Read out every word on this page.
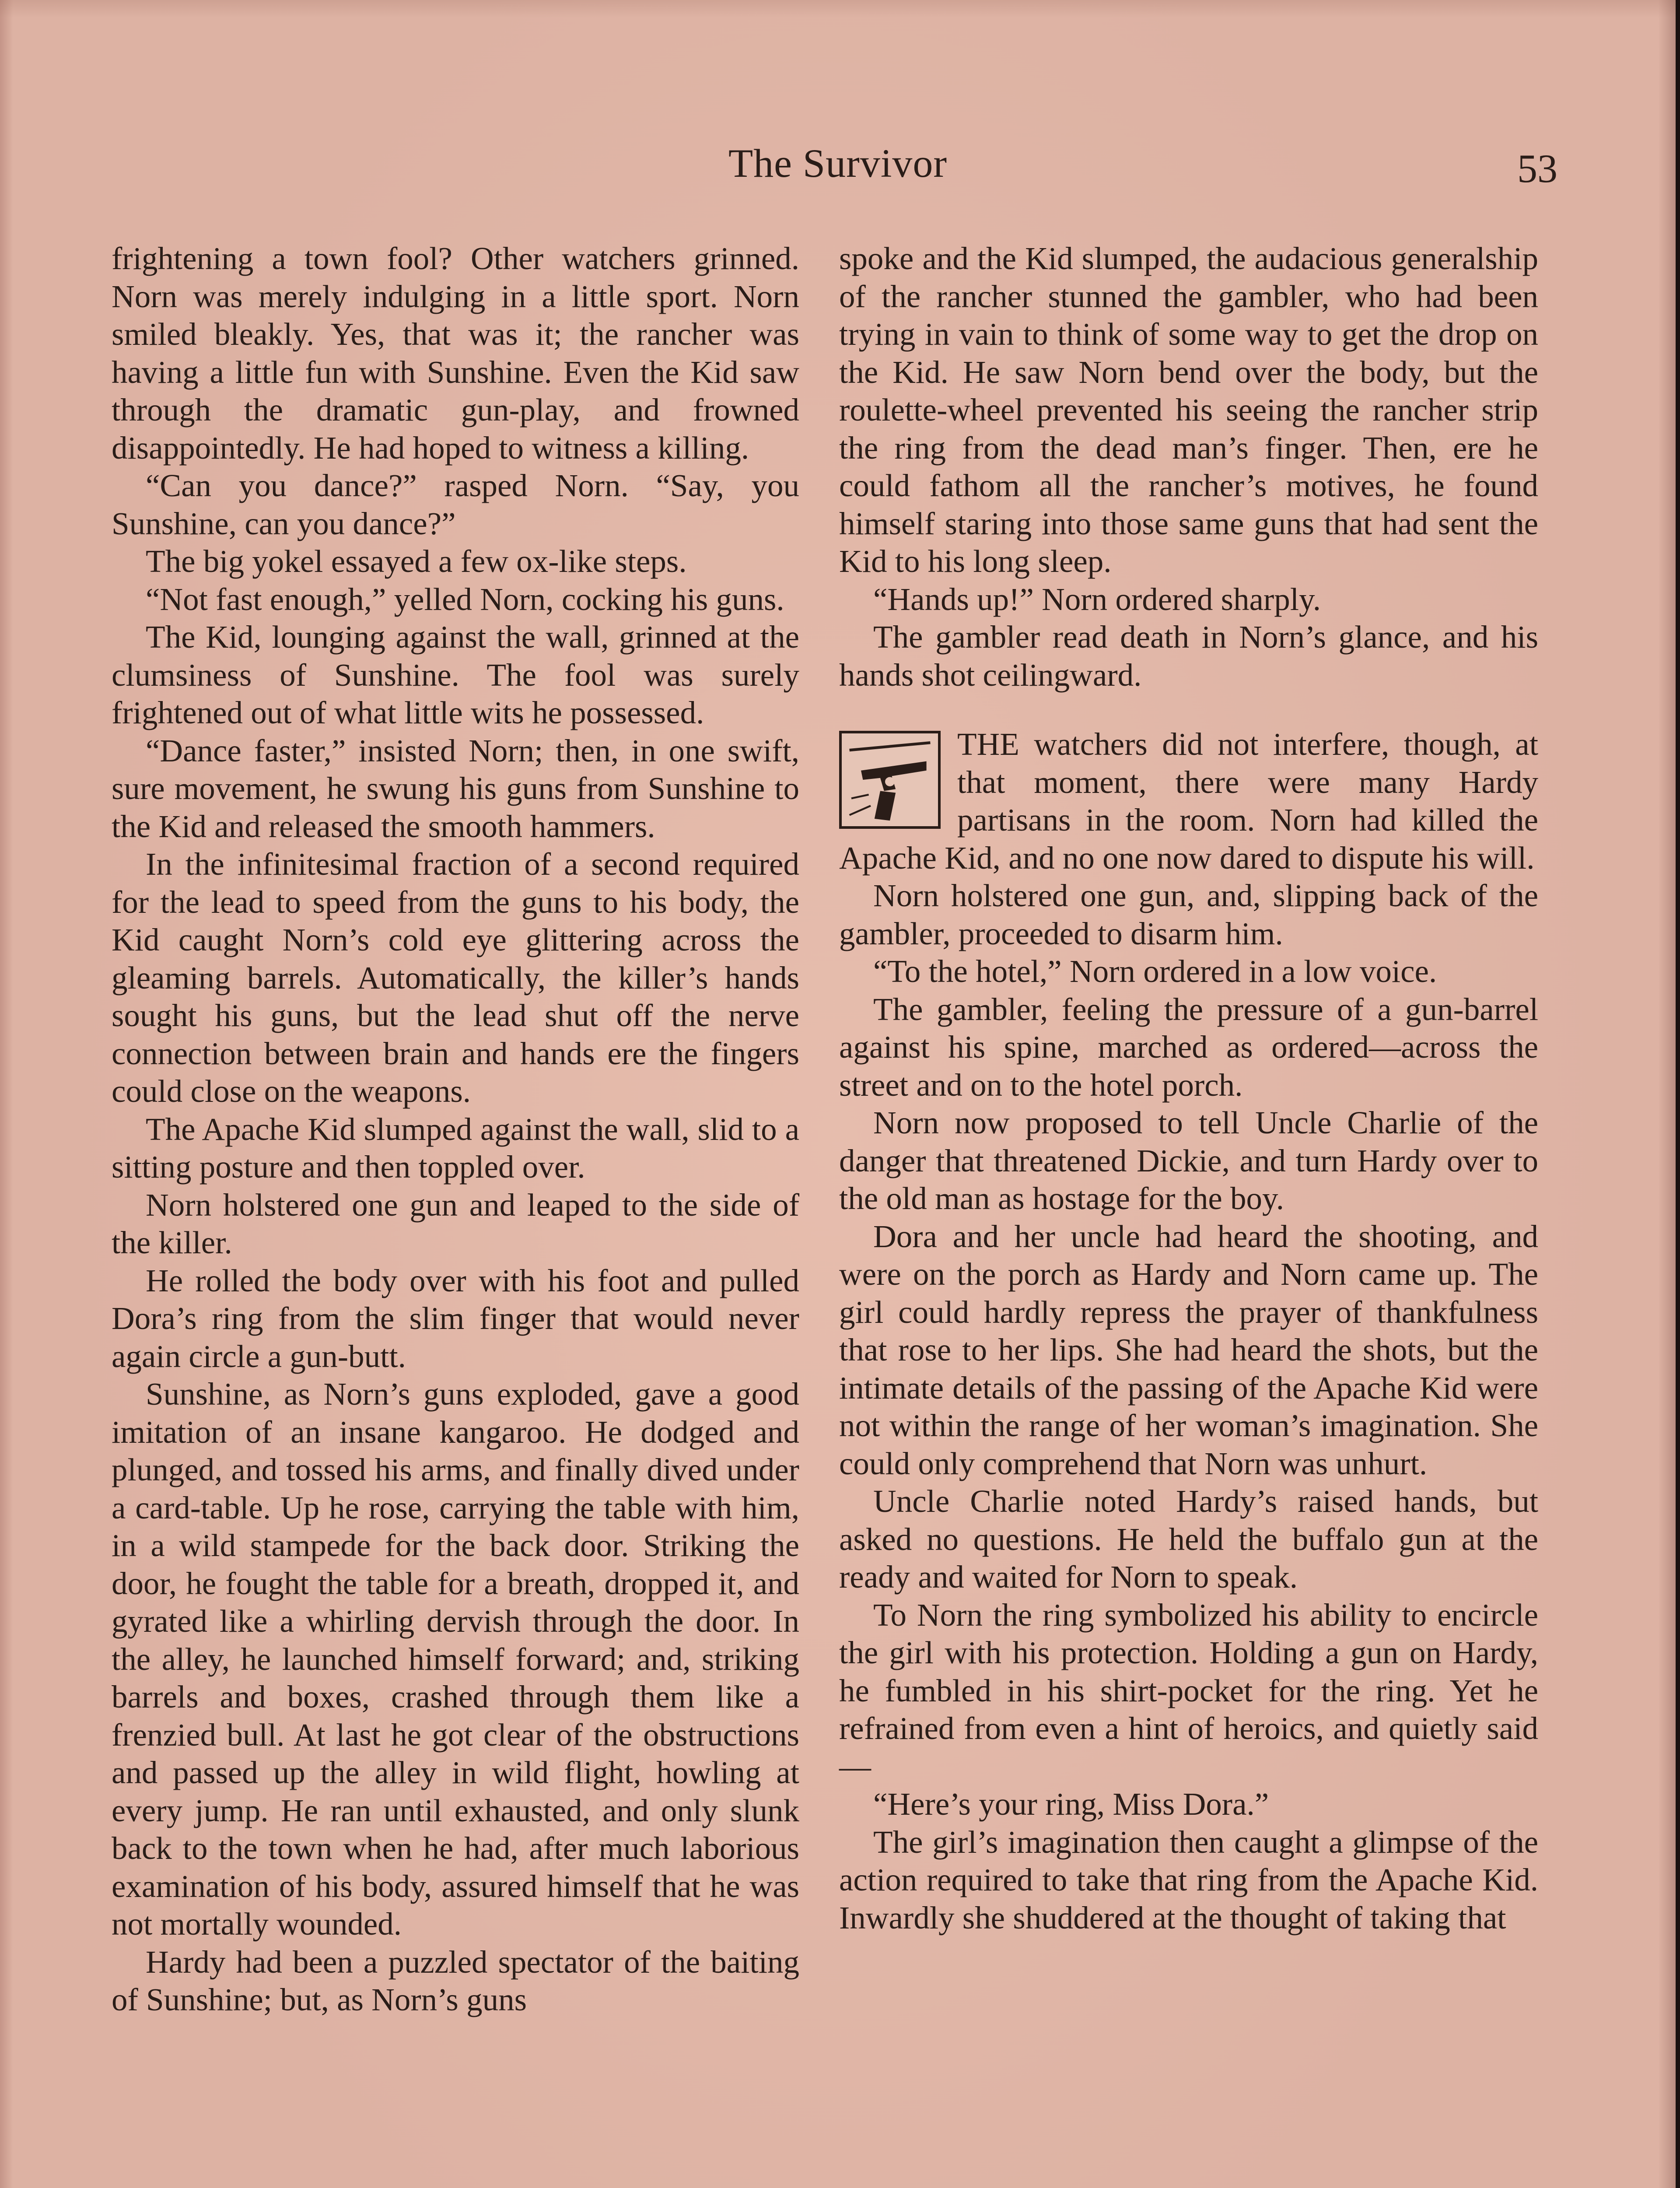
The Survivor	53

frightening a town fool? Other watchers grinned. Norn was merely indulging in a little sport. Norn smiled bleakly. Yes, that was it; the rancher was having a little fun with Sunshine. Even the Kid saw through the dramatic gun-play, and frowned disappointedly. He had hoped to witness a killing.

“Can you dance?” rasped Norn. “Say, you Sunshine, can you dance?”

The big yokel essayed a few ox-like steps.

“Not fast enough,” yelled Norn, cocking his guns.

The Kid, lounging against the wall, grinned at the clumsiness of Sunshine. The fool was surely frightened out of what little wits he possessed.

“Dance faster,” insisted Norn; then, in one swift, sure movement, he swung his guns from Sunshine to the Kid and released the smooth hammers.

In the infinitesimal fraction of a second required for the lead to speed from the guns to his body, the Kid caught Norn’s cold eye glittering across the gleaming barrels. Automatically, the killer’s hands sought his guns, but the lead shut off the nerve connection between brain and hands ere the fingers could close on the weapons.

The Apache Kid slumped against the wall, slid to a sitting posture and then toppled over.

Norn holstered one gun and leaped to the side of the killer.

He rolled the body over with his foot and pulled Dora’s ring from the slim finger that would never again circle a gun-butt.

Sunshine, as Norn’s guns exploded, gave a good imitation of an insane kangaroo. He dodged and plunged, and tossed his arms, and finally dived under a card-table. Up he rose, carrying the table with him, in a wild stampede for the back door. Striking the door, he fought the table for a breath, dropped it, and gyrated like a whirling dervish through the door. In the alley, he launched himself forward; and, striking barrels and boxes, crashed through them like a frenzied bull. At last he got clear of the obstructions and passed up the alley in wild flight, howling at every jump. He ran until exhausted, and only slunk back to the town when he had, after much laborious examination of his body, assured himself that he was not mortally wounded.

Hardy had been a puzzled spectator of the baiting of Sunshine; but, as Norn’s guns

spoke and the Kid slumped, the audacious generalship of the rancher stunned the gambler, who had been trying in vain to think of some way to get the drop on the Kid. He saw Norn bend over the body, but the roulette-wheel prevented his seeing the rancher strip the ring from the dead man’s finger. Then, ere he could fathom all the rancher’s motives, he found himself staring into those same guns that had sent the Kid to his long sleep.

“Hands up!” Norn ordered sharply.

The gambler read death in Norn’s glance, and his hands shot ceilingward.

THE watchers did not interfere, though, at that moment, there were many Hardy partisans in the room. Norn had killed the Apache Kid, and no one now dared to dispute his will.

Norn holstered one gun, and, slipping back of the gambler, proceeded to disarm him.

“To the hotel,” Norn ordered in a low voice.

The gambler, feeling the pressure of a gun-barrel against his spine, marched as ordered—across the street and on to the hotel porch.

Norn now proposed to tell Uncle Charlie of the danger that threatened Dickie, and turn Hardy over to the old man as hostage for the boy.

Dora and her uncle had heard the shooting, and were on the porch as Hardy and Norn came up. The girl could hardly repress the prayer of thankfulness that rose to her lips. She had heard the shots, but the intimate details of the passing of the Apache Kid were not within the range of her woman’s imagination. She could only comprehend that Norn was unhurt.

Uncle Charlie noted Hardy’s raised hands, but asked no questions. He held the buffalo gun at the ready and waited for Norn to speak.

To Norn the ring symbolized his ability to encircle the girl with his protection. Holding a gun on Hardy, he fumbled in his shirt-pocket for the ring. Yet he refrained from even a hint of heroics, and quietly said—

“Here’s your ring, Miss Dora.”

The girl’s imagination then caught a glimpse of the action required to take that ring from the Apache Kid. Inwardly she shuddered at the thought of taking that
